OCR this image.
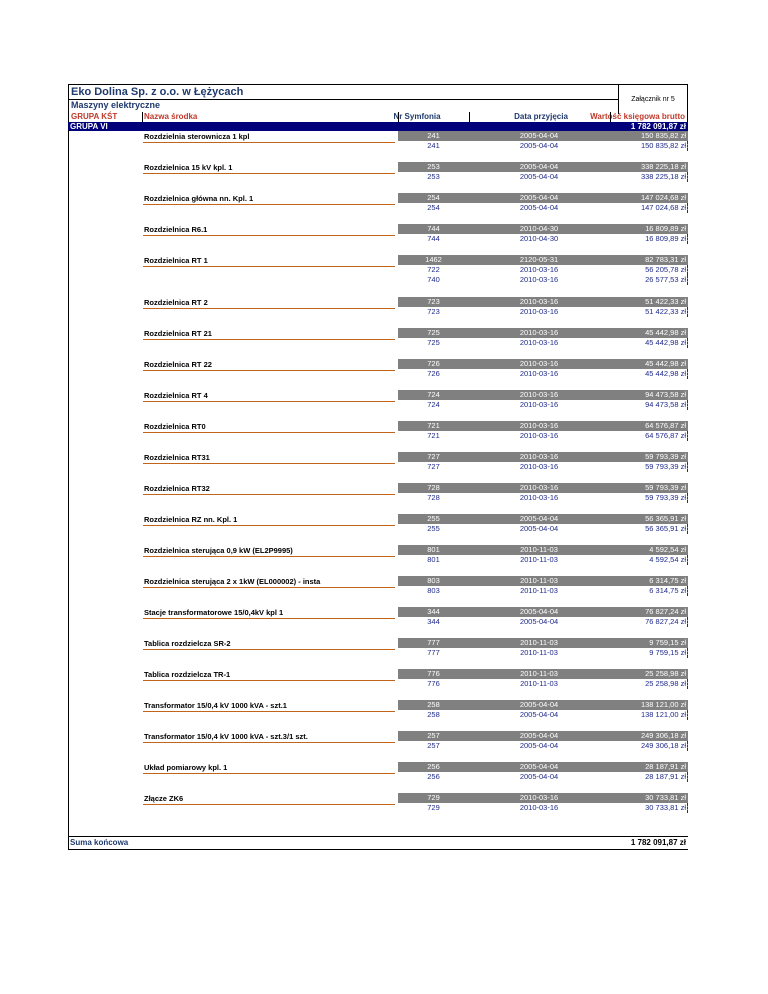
Eko Dolina Sp. z o.o. w Łężycach
Załącznik nr 5
Maszyny elektryczne
GRUPA KŚT	Nazwa środka	Nr Symfonia	Data przyjęcia	Wartość księgowa brutto
GRUPA VI	1 782 091,87 zł
Rozdzielnia sterownicza 1 kpl	241	2005-04-04	150 835,82 zł
241	2005-04-04	150 835,82 zł
Rozdzielnica 15 kV kpl. 1	253	2005-04-04	338 225,18 zł
253	2005-04-04	338 225,18 zł
Rozdzielnica główna nn. Kpl. 1	254	2005-04-04	147 024,68 zł
254	2005-04-04	147 024,68 zł
Rozdzielnica R6.1	744	2010-04-30	16 809,89 zł
744	2010-04-30	16 809,89 zł
Rozdzielnica RT 1	1462	2120-05-31	82 783,31 zł
722	2010-03-16	56 205,78 zł
740	2010-03-16	26 577,53 zł
Rozdzielnica RT 2	723	2010-03-16	51 422,33 zł
723	2010-03-16	51 422,33 zł
Rozdzielnica RT 21	725	2010-03-16	45 442,98 zł
725	2010-03-16	45 442,98 zł
Rozdzielnica RT 22	726	2010-03-16	45 442,98 zł
726	2010-03-16	45 442,98 zł
Rozdzielnica RT 4	724	2010-03-16	94 473,58 zł
724	2010-03-16	94 473,58 zł
Rozdzielnica RT0	721	2010-03-16	64 576,87 zł
721	2010-03-16	64 576,87 zł
Rozdzielnica RT31	727	2010-03-16	59 793,39 zł
727	2010-03-16	59 793,39 zł
Rozdzielnica RT32	728	2010-03-16	59 793,39 zł
728	2010-03-16	59 793,39 zł
Rozdzielnica RZ nn. Kpl. 1	255	2005-04-04	56 365,91 zł
255	2005-04-04	56 365,91 zł
Rozdzielnica sterująca 0,9 kW (EL2P9995)	801	2010-11-03	4 592,54 zł
801	2010-11-03	4 592,54 zł
Rozdzielnica sterująca 2 x 1kW (EL000002) - insta	803	2010-11-03	6 314,75 zł
803	2010-11-03	6 314,75 zł
Stacje transformatorowe 15/0,4kV kpl 1	344	2005-04-04	76 827,24 zł
344	2005-04-04	76 827,24 zł
Tablica rozdzielcza SR-2	777	2010-11-03	9 759,15 zł
777	2010-11-03	9 759,15 zł
Tablica rozdzielcza TR-1	776	2010-11-03	25 258,98 zł
776	2010-11-03	25 258,98 zł
Transformator 15/0,4 kV 1000 kVA - szt.1	258	2005-04-04	138 121,00 zł
258	2005-04-04	138 121,00 zł
Transformator 15/0,4 kV 1000 kVA - szt.3/1 szt.	257	2005-04-04	249 306,18 zł
257	2005-04-04	249 306,18 zł
Układ pomiarowy kpl. 1	256	2005-04-04	28 187,91 zł
256	2005-04-04	28 187,91 zł
Złącze ZK6	729	2010-03-16	30 733,81 zł
729	2010-03-16	30 733,81 zł
Suma końcowa	1 782 091,87 zł
